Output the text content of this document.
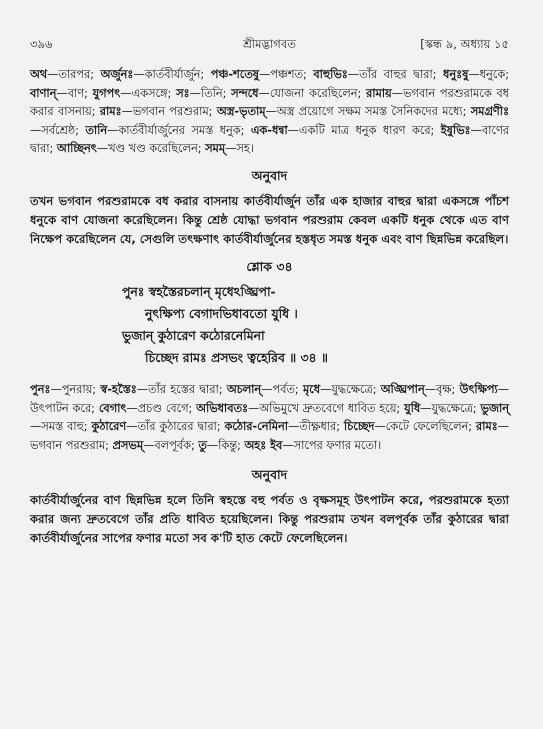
৩৯৬	শ্রীমদ্ভাগবত	[স্কন্ধ ৯, অধ্যায় ১৫
অথ—তারপর; অর্জুনঃ—কার্তবীর্যার্জুন; পঞ্চ-শতেষু—পঞ্চশত; বাহুভিঃ—তাঁর বাহুর দ্বারা; ধনুঃষু—ধনুকে; বাণান্—বাণ; যুগপৎ—একসঙ্গে; সঃ—তিনি; সন্দধে—যোজনা করেছিলেন; রামায়—ভগবান পরশুরামকে বধ করার বাসনায়; রামঃ—ভগবান পরশুরাম; অস্ত্র-ভৃতাম্—অস্ত্র প্রয়োগে সক্ষম সমস্ত সৈনিকদের মধ্যে; সমগ্রণীঃ—সর্বশ্রেষ্ঠ; তানি—কার্তবীর্যার্জুনের সমস্ত ধনুক; এক-ধন্বা—একটি মাত্র ধনুক ধারণ করে; ইষুভিঃ—বাণের দ্বারা; আচ্ছিনৎ—খণ্ড খণ্ড করেছিলেন; সমম্—সহ।
অনুবাদ
তখন ভগবান পরশুরামকে বধ করার বাসনায় কার্তবীর্যার্জুন তাঁর এক হাজার বাহুর দ্বারা একসঙ্গে পাঁচশ ধনুকে বাণ যোজনা করেছিলেন। কিন্তু শ্রেষ্ঠ যোদ্ধা ভগবান পরশুরাম কেবল একটি ধনুক থেকে এত বাণ নিক্ষেপ করেছিলেন যে, সেগুলি তৎক্ষণাৎ কার্তবীর্যার্জুনের হস্তধৃত সমস্ত ধনুক এবং বাণ ছিন্নভিন্ন করেছিল।
শ্লোক ৩৪
পুনঃ স্বহস্তৈরচলান্ মৃধেঽঙ্ঘ্রিপা-
নুৎক্ষিপ্য বেগাদভিধাবতো যুধি ।
ভুজান্ কুঠারেণ কঠোরনেমিনা
চিচ্ছেদ রামঃ প্রসভং ত্বহেরিব ॥ ৩৪ ॥
পুনঃ—পুনরায়; স্ব-হস্তৈঃ—তাঁর হস্তের দ্বারা; অচলান্—পর্বত; মৃধে—যুদ্ধক্ষেত্রে; অঙ্ঘ্রিপান্—বৃক্ষ; উৎক্ষিপ্য—উৎপাটন করে; বেগাৎ—প্রচণ্ড বেগে; অভিধাবতঃ—অভিমুখে দ্রুতবেগে ধাবিত হয়ে; যুধি—যুদ্ধক্ষেত্রে; ভুজান্—সমস্ত বাহু; কুঠারেণ—তাঁর কুঠারের দ্বারা; কঠোর-নেমিনা—তীক্ষ্ণধার; চিচ্ছেদ—কেটে ফেলেছিলেন; রামঃ—ভগবান পরশুরাম; প্রসভম্—বলপূর্বক; তু—কিন্তু; অহঃ ইব—সাপের ফণার মতো।
অনুবাদ
কার্তবীর্যার্জুনের বাণ ছিন্নভিন্ন হলে তিনি স্বহস্তে বহু পর্বত ও বৃক্ষসমূহ উৎপাটন করে, পরশুরামকে হত্যা করার জন্য দ্রুতবেগে তাঁর প্রতি ধাবিত হয়েছিলেন। কিন্তু পরশুরাম তখন বলপূর্বক তাঁর কুঠারের দ্বারা কার্তবীর্যার্জুনের সাপের ফণার মতো সব ক'টি হাত কেটে ফেলেছিলেন।
